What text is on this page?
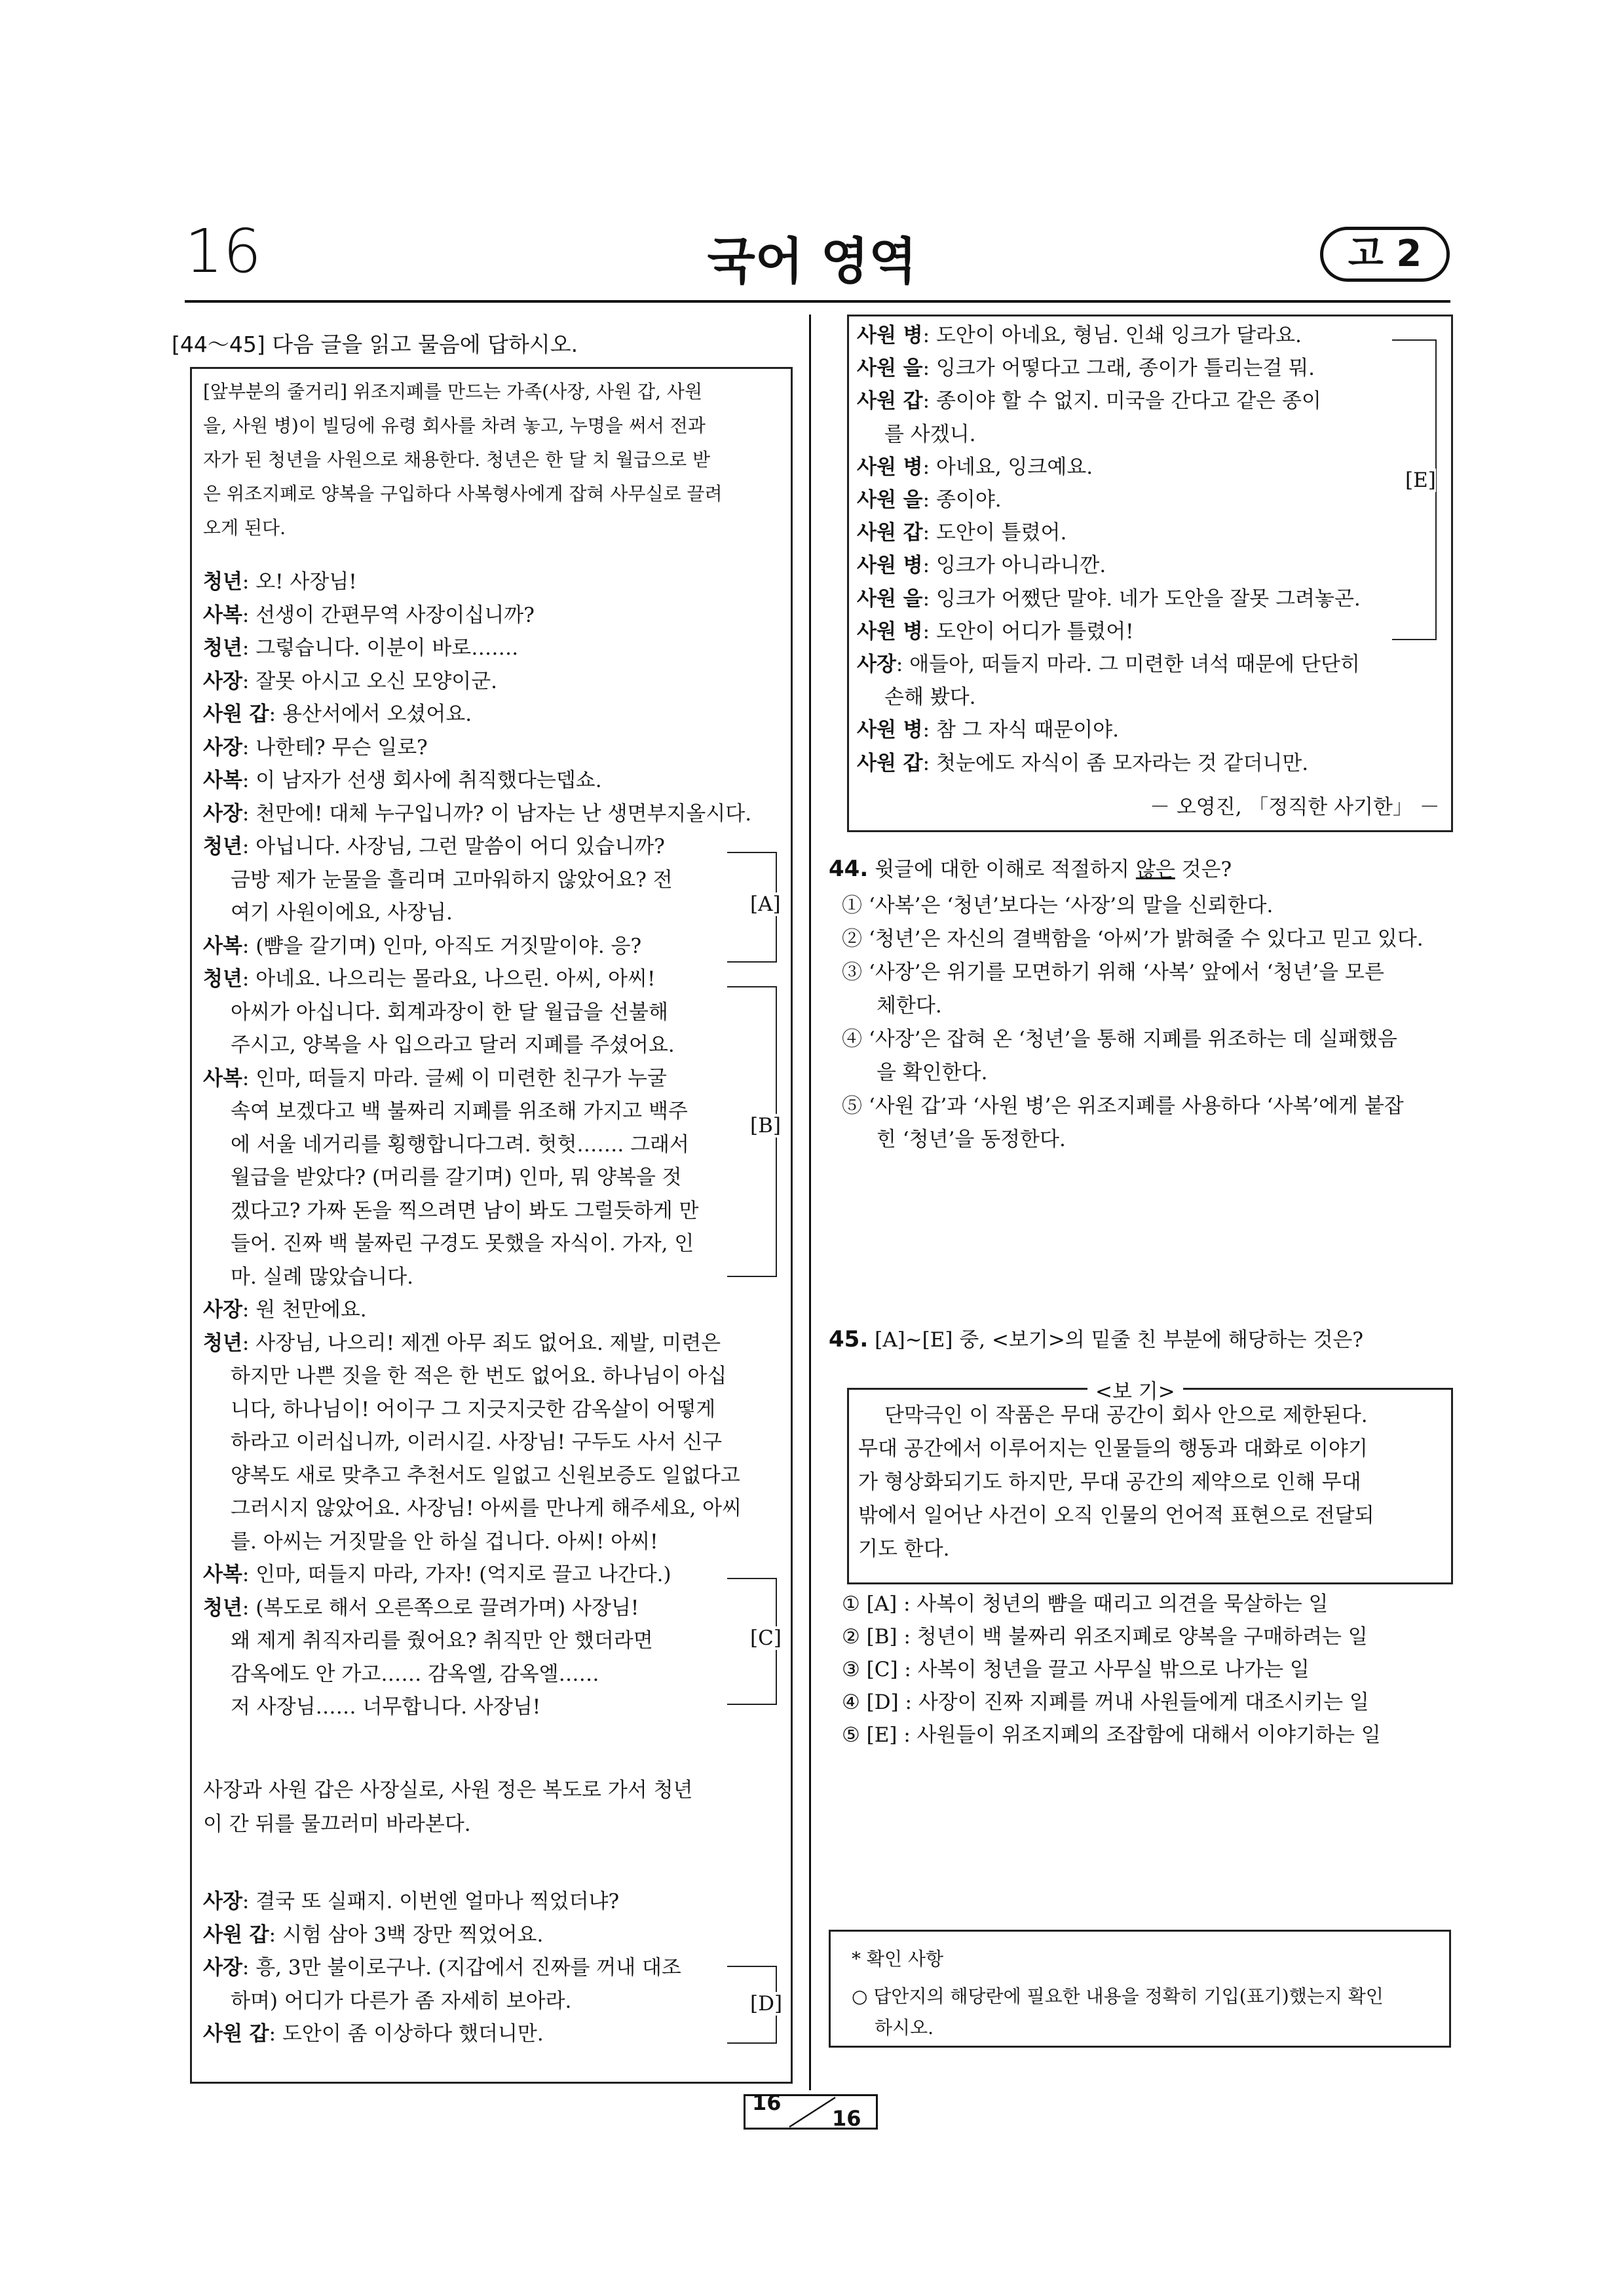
16	국어 영역	고 2
[44～45] 다음 글을 읽고 물음에 답하시오.
[앞부분의 줄거리] 위조지폐를 만드는 가족(사장, 사원 갑, 사원
을, 사원 병)이 빌딩에 유령 회사를 차려 놓고, 누명을 써서 전과
자가 된 청년을 사원으로 채용한다. 청년은 한 달 치 월급으로 받
은 위조지폐로 양복을 구입하다 사복형사에게 잡혀 사무실로 끌려
오게 된다.
청년: 오! 사장님!
사복: 선생이 간편무역 사장이십니까?
청년: 그렇습니다. 이분이 바로…….
사장: 잘못 아시고 오신 모양이군.
사원 갑: 용산서에서 오셨어요.
사장: 나한테? 무슨 일로?
사복: 이 남자가 선생 회사에 취직했다는뎁쇼.
사장: 천만에! 대체 누구입니까? 이 남자는 난 생면부지올시다.
청년: 아닙니다. 사장님, 그런 말씀이 어디 있습니까?
금방 제가 눈물을 흘리며 고마워하지 않았어요? 전
여기 사원이에요, 사장님.
사복: (뺨을 갈기며) 인마, 아직도 거짓말이야. 응?
청년: 아네요. 나으리는 몰라요, 나으린. 아씨, 아씨!
아씨가 아십니다. 회계과장이 한 달 월급을 선불해
주시고, 양복을 사 입으라고 달러 지폐를 주셨어요.
사복: 인마, 떠들지 마라. 글쎄 이 미련한 친구가 누굴
속여 보겠다고 백 불짜리 지폐를 위조해 가지고 백주
에 서울 네거리를 횡행합니다그려. 헛헛……. 그래서
월급을 받았다? (머리를 갈기며) 인마, 뭐 양복을 젓
겠다고? 가짜 돈을 찍으려면 남이 봐도 그럴듯하게 만
들어. 진짜 백 불짜린 구경도 못했을 자식이. 가자, 인
마. 실례 많았습니다.
사장: 원 천만에요.
청년: 사장님, 나으리! 제겐 아무 죄도 없어요. 제발, 미련은
하지만 나쁜 짓을 한 적은 한 번도 없어요. 하나님이 아십
니다, 하나님이! 어이구 그 지긋지긋한 감옥살이 어떻게
하라고 이러십니까, 이러시길. 사장님! 구두도 사서 신구
양복도 새로 맞추고 추천서도 일없고 신원보증도 일없다고
그러시지 않았어요. 사장님! 아씨를 만나게 해주세요, 아씨
를. 아씨는 거짓말을 안 하실 겁니다. 아씨! 아씨!
사복: 인마, 떠들지 마라, 가자! (억지로 끌고 나간다.)
청년: (복도로 해서 오른쪽으로 끌려가며) 사장님!
왜 제게 취직자리를 줬어요? 취직만 안 했더라면
감옥에도 안 가고…… 감옥엘, 감옥엘……
저 사장님…… 너무합니다. 사장님!
사장과 사원 갑은 사장실로, 사원 정은 복도로 가서 청년
이 간 뒤를 물끄러미 바라본다.
사장: 결국 또 실패지. 이번엔 얼마나 찍었더냐?
사원 갑: 시험 삼아 3백 장만 찍었어요.
사장: 흥, 3만 불이로구나. (지갑에서 진짜를 꺼내 대조
하며) 어디가 다른가 좀 자세히 보아라.
사원 갑: 도안이 좀 이상하다 했더니만.
사원 병: 도안이 아네요, 형님. 인쇄 잉크가 달라요.
사원 을: 잉크가 어떻다고 그래, 종이가 틀리는걸 뭐.
사원 갑: 종이야 할 수 없지. 미국을 간다고 같은 종이
를 사겠니.
사원 병: 아네요, 잉크예요.
사원 을: 종이야.
사원 갑: 도안이 틀렸어.
사원 병: 잉크가 아니라니깐.
사원 을: 잉크가 어쨌단 말야. 네가 도안을 잘못 그려놓곤.
사원 병: 도안이 어디가 틀렸어!
사장: 애들아, 떠들지 마라. 그 미련한 녀석 때문에 단단히
손해 봤다.
사원 병: 참 그 자식 때문이야.
사원 갑: 첫눈에도 자식이 좀 모자라는 것 같더니만.
－ 오영진, 「정직한 사기한」 －
[A]
[B]
[C]
[D]
[E]
44. 윗글에 대한 이해로 적절하지 않은 것은?
① ‘사복’은 ‘청년’보다는 ‘사장’의 말을 신뢰한다.
② ‘청년’은 자신의 결백함을 ‘아씨’가 밝혀줄 수 있다고 믿고 있다.
③ ‘사장’은 위기를 모면하기 위해 ‘사복’ 앞에서 ‘청년’을 모른
체한다.
④ ‘사장’은 잡혀 온 ‘청년’을 통해 지폐를 위조하는 데 실패했음
을 확인한다.
⑤ ‘사원 갑’과 ‘사원 병’은 위조지폐를 사용하다 ‘사복’에게 붙잡
힌 ‘청년’을 동정한다.
45. [A]~[E] 중, <보기>의 밑줄 친 부분에 해당하는 것은?
<보 기>
단막극인 이 작품은 무대 공간이 회사 안으로 제한된다.
무대 공간에서 이루어지는 인물들의 행동과 대화로 이야기
가 형상화되기도 하지만, 무대 공간의 제약으로 인해 무대
밖에서 일어난 사건이 오직 인물의 언어적 표현으로 전달되
기도 한다.
① [A] : 사복이 청년의 뺨을 때리고 의견을 묵살하는 일
② [B] : 청년이 백 불짜리 위조지폐로 양복을 구매하려는 일
③ [C] : 사복이 청년을 끌고 사무실 밖으로 나가는 일
④ [D] : 사장이 진짜 지폐를 꺼내 사원들에게 대조시키는 일
⑤ [E] : 사원들이 위조지폐의 조잡함에 대해서 이야기하는 일
* 확인 사항
○ 답안지의 해당란에 필요한 내용을 정확히 기입(표기)했는지 확인
하시오.
16
16
